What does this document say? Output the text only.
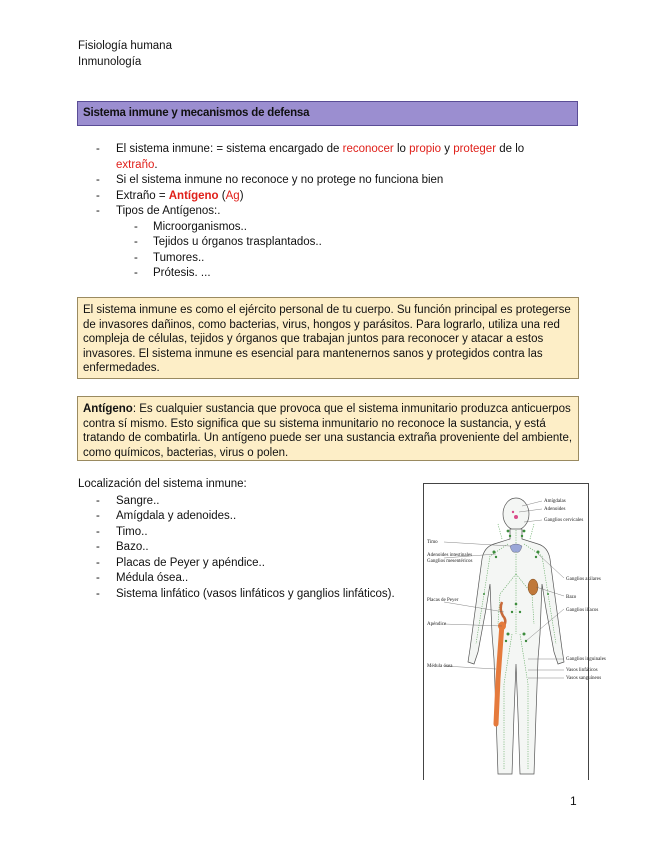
Fisiología humana
Inmunología
Sistema inmune y mecanismos de defensa
- El sistema inmune: = sistema encargado de reconocer lo propio y proteger de lo
extraño.
- Si el sistema inmune no reconoce y no protege no funciona bien
- Extraño = Antígeno (Ag)
- Tipos de Antígenos:.
- Microorganismos..
- Tejidos u órganos trasplantados..
- Tumores..
- Prótesis. ...
El sistema inmune es como el ejército personal de tu cuerpo. Su función principal es protegerse de invasores dañinos, como bacterias, virus, hongos y parásitos. Para lograrlo, utiliza una red compleja de células, tejidos y órganos que trabajan juntos para reconocer y atacar a estos invasores. El sistema inmune es esencial para mantenernos sanos y protegidos contra las enfermedades.
Antígeno: Es cualquier sustancia que provoca que el sistema inmunitario produzca anticuerpos contra sí mismo. Esto significa que su sistema inmunitario no reconoce la sustancia, y está tratando de combatirla. Un antígeno puede ser una sustancia extraña proveniente del ambiente, como químicos, bacterias, virus o polen.
Localización del sistema inmune:
- Sangre..
- Amígdala y adenoides..
- Timo..
- Bazo..
- Placas de Peyer y apéndice..
- Médula ósea..
- Sistema linfático (vasos linfáticos y ganglios linfáticos).
Amígdalas
Adenoides
Ganglios cervicales
Timo
Adenoides intestinales
Ganglios mesentéricos
Ganglios axilares
Bazo
Placas de Peyer
Ganglios ilíacos
Apéndice
Médula ósea
Ganglios inguinales
Vasos linfáticos
Vasos sanguíneos
1
